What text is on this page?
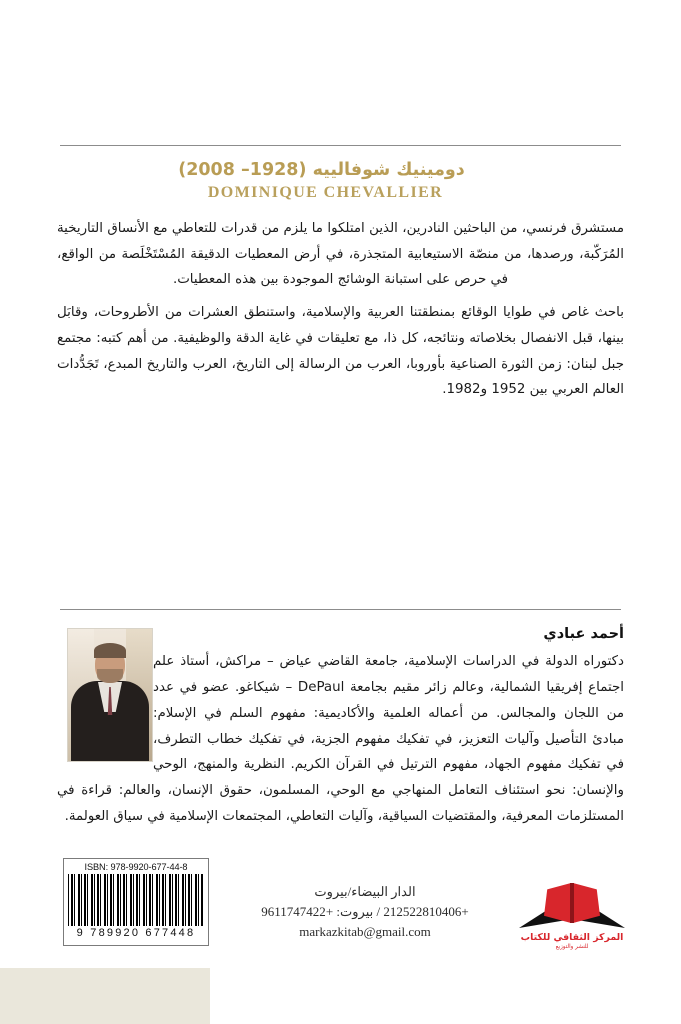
دومينيك شوفالييه (1928– 2008)
DOMINIQUE CHEVALLIER

مستشرق فرنسي، من الباحثين النادرين، الذين امتلكوا ما يلزم من قدرات للتعاطي مع الأنساق التاريخية المُرَكّبة، ورصدها، من منصّة الاستيعابية المتجذرة، في أرض المعطيات الدقيقة المُسْتَخْلَصة من الواقع، في حرص على استبانة الوشائج الموجودة بين هذه المعطيات.

باحث غاص في طوايا الوقائع بمنطقتنا العربية والإسلامية، واستنطق العشرات من الأطروحات، وقابَل بينها، قبل الانفصال بخلاصاته ونتائجه، كل ذا، مع تعليقات في غاية الدقة والوظيفية. من أهم كتبه: مجتمع جبل لبنان: زمن الثورة الصناعية بأوروبا، العرب من الرسالة إلى التاريخ، العرب والتاريخ المبدع، تَجَدُّدات العالم العربي بين 1952 و1982.

أحمد عبادي

دكتوراه الدولة في الدراسات الإسلامية، جامعة القاضي عياض – مراكش، أستاذ علم اجتماع إفريقيا الشمالية، وعالم زائر مقيم بجامعة DePaul – شيكاغو. عضو في عدد من اللجان والمجالس. من أعماله العلمية والأكاديمية: مفهوم السلم في الإسلام: مبادئ التأصيل وآليات التعزيز، في تفكيك مفهوم الجزية، في تفكيك خطاب التطرف، في تفكيك مفهوم الجهاد، مفهوم الترتيل في القرآن الكريم. النظرية والمنهج، الوحي والإنسان: نحو استئناف التعامل المنهاجي مع الوحي، المسلمون، حقوق الإنسان، والعالم: قراءة في المستلزمات المعرفية، والمقتضيات السياقية، وآليات التعاطي، المجتمعات الإسلامية في سياق العولمة.

ISBN: 978-9920-677-44-8
9 789920 677448
الدار البيضاء/بيروت
+212522810406 / بيروت: +9611747422
markazkitab@gmail.com	المركز الثقافي للكتاب
للنشر والتوزيع
